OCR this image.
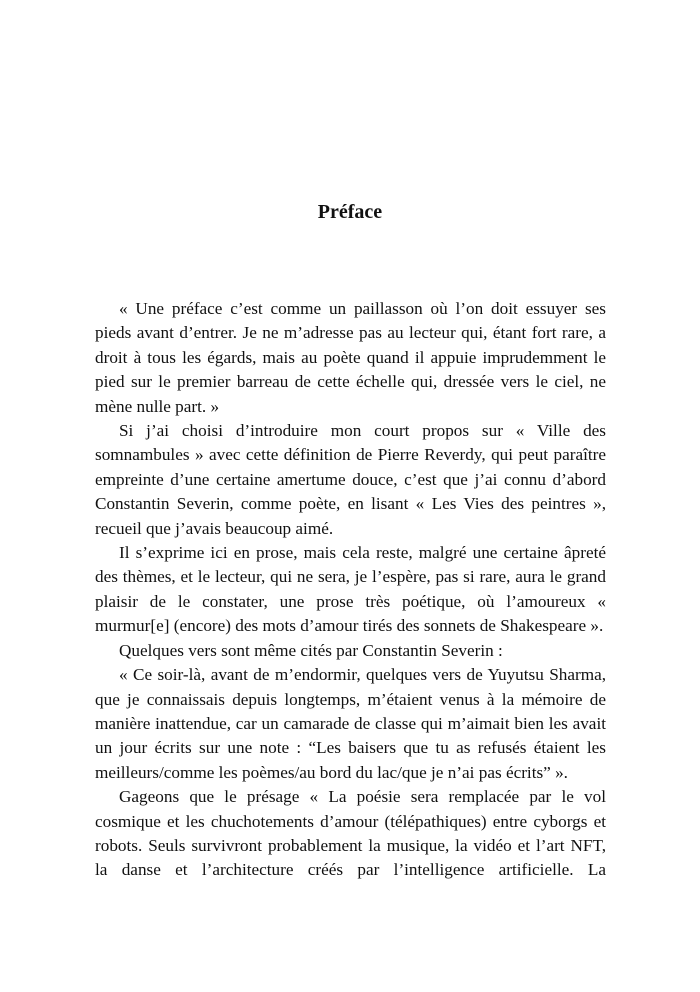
Préface

« Une préface c’est comme un paillasson où l’on doit essuyer ses pieds avant d’entrer. Je ne m’adresse pas au lecteur qui, étant fort rare, a droit à tous les égards, mais au poète quand il appuie imprudemment le pied sur le premier barreau de cette échelle qui, dressée vers le ciel, ne mène nulle part. »

Si j’ai choisi d’introduire mon court propos sur « Ville des somnambules » avec cette définition de Pierre Reverdy, qui peut paraître empreinte d’une certaine amertume douce, c’est que j’ai connu d’abord Constantin Severin, comme poète, en lisant « Les Vies des peintres », recueil que j’avais beaucoup aimé.

Il s’exprime ici en prose, mais cela reste, malgré une certaine âpreté des thèmes, et le lecteur, qui ne sera, je l’espère, pas si rare, aura le grand plaisir de le constater, une prose très poétique, où l’amoureux « murmur[e] (encore) des mots d’amour tirés des sonnets de Shakespeare ».

Quelques vers sont même cités par Constantin Severin :

« Ce soir-là, avant de m’endormir, quelques vers de Yuyutsu Sharma, que je connaissais depuis longtemps, m’étaient venus à la mémoire de manière inattendue, car un camarade de classe qui m’aimait bien les avait un jour écrits sur une note : “Les baisers que tu as refusés étaient les meilleurs/comme les poèmes/au bord du lac/que je n’ai pas écrits” ».

Gageons que le présage « La poésie sera remplacée par le vol cosmique et les chuchotements d’amour (télépathiques) entre cyborgs et robots. Seuls survivront probablement la musique, la vidéo et l’art NFT, la danse et l’architecture créés par l’intelligence artificielle. La
